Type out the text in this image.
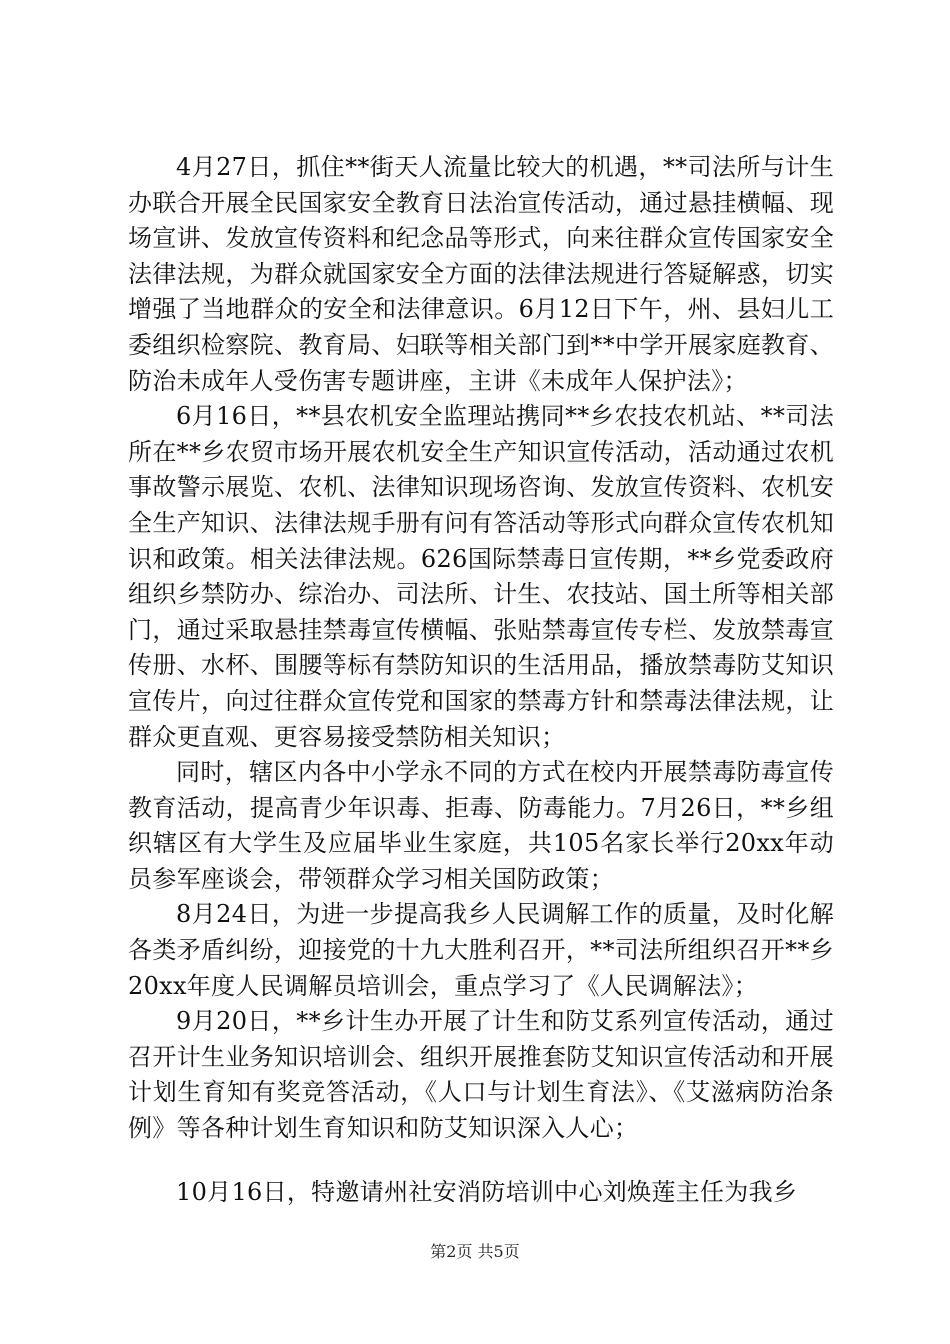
4月27日，抓住**街天人流量比较大的机遇，**司法所与计生办联合开展全民国家安全教育日法治宣传活动，通过悬挂横幅、现场宣讲、发放宣传资料和纪念品等形式，向来往群众宣传国家安全法律法规，为群众就国家安全方面的法律法规进行答疑解惑，切实增强了当地群众的安全和法律意识。6月12日下午，州、县妇儿工委组织检察院、教育局、妇联等相关部门到**中学开展家庭教育、防治未成年人受伤害专题讲座，主讲《未成年人保护法》；

6月16日，**县农机安全监理站携同**乡农技农机站、**司法所在**乡农贸市场开展农机安全生产知识宣传活动，活动通过农机事故警示展览、农机、法律知识现场咨询、发放宣传资料、农机安全生产知识、法律法规手册有问有答活动等形式向群众宣传农机知识和政策。相关法律法规。626国际禁毒日宣传期，**乡党委政府组织乡禁防办、综治办、司法所、计生、农技站、国土所等相关部门，通过采取悬挂禁毒宣传横幅、张贴禁毒宣传专栏、发放禁毒宣传册、水杯、围腰等标有禁防知识的生活用品，播放禁毒防艾知识宣传片，向过往群众宣传党和国家的禁毒方针和禁毒法律法规，让群众更直观、更容易接受禁防相关知识；

同时，辖区内各中小学永不同的方式在校内开展禁毒防毒宣传教育活动，提高青少年识毒、拒毒、防毒能力。7月26日，**乡组织辖区有大学生及应届毕业生家庭，共105名家长举行20xx年动员参军座谈会，带领群众学习相关国防政策；

8月24日，为进一步提高我乡人民调解工作的质量，及时化解各类矛盾纠纷，迎接党的十九大胜利召开，**司法所组织召开**乡20xx年度人民调解员培训会，重点学习了《人民调解法》；

9月20日，**乡计生办开展了计生和防艾系列宣传活动，通过召开计生业务知识培训会、组织开展推套防艾知识宣传活动和开展计划生育知有奖竞答活动，《人口与计划生育法》、《艾滋病防治条例》等各种计划生育知识和防艾知识深入人心；

10月16日，特邀请州社安消防培训中心刘焕莲主任为我乡

第2页 共5页
